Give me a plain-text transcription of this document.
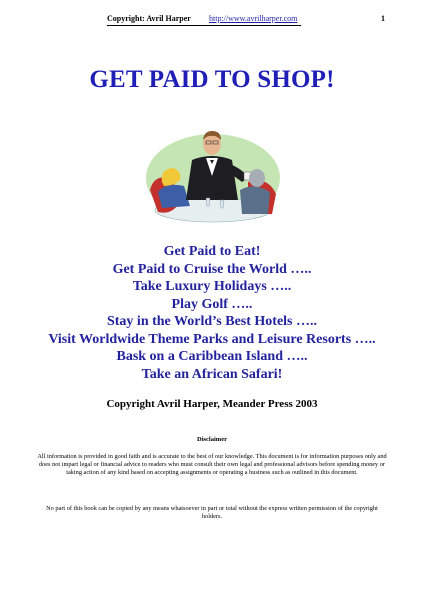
Copyright: Avril Harper http://www.avrilharper.com	1
GET PAID TO SHOP!
Get Paid to Eat!
Get Paid to Cruise the World …..
Take Luxury Holidays …..
Play Golf …..
Stay in the World’s Best Hotels …..
Visit Worldwide Theme Parks and Leisure Resorts …..
Bask on a Caribbean Island …..
Take an African Safari!
Copyright Avril Harper, Meander Press 2003
Disclaimer
All information is provided in good faith and is accurate to the best of our knowledge. This document is for information purposes only and does not impart legal or financial advice to readers who must consult their own legal and professional advisors before spending money or taking action of any kind based on accepting assignments or operating a business such as outlined in this document.
No part of this book can be copied by any means whatsoever in part or total without the express written permission of the copyright holders.
